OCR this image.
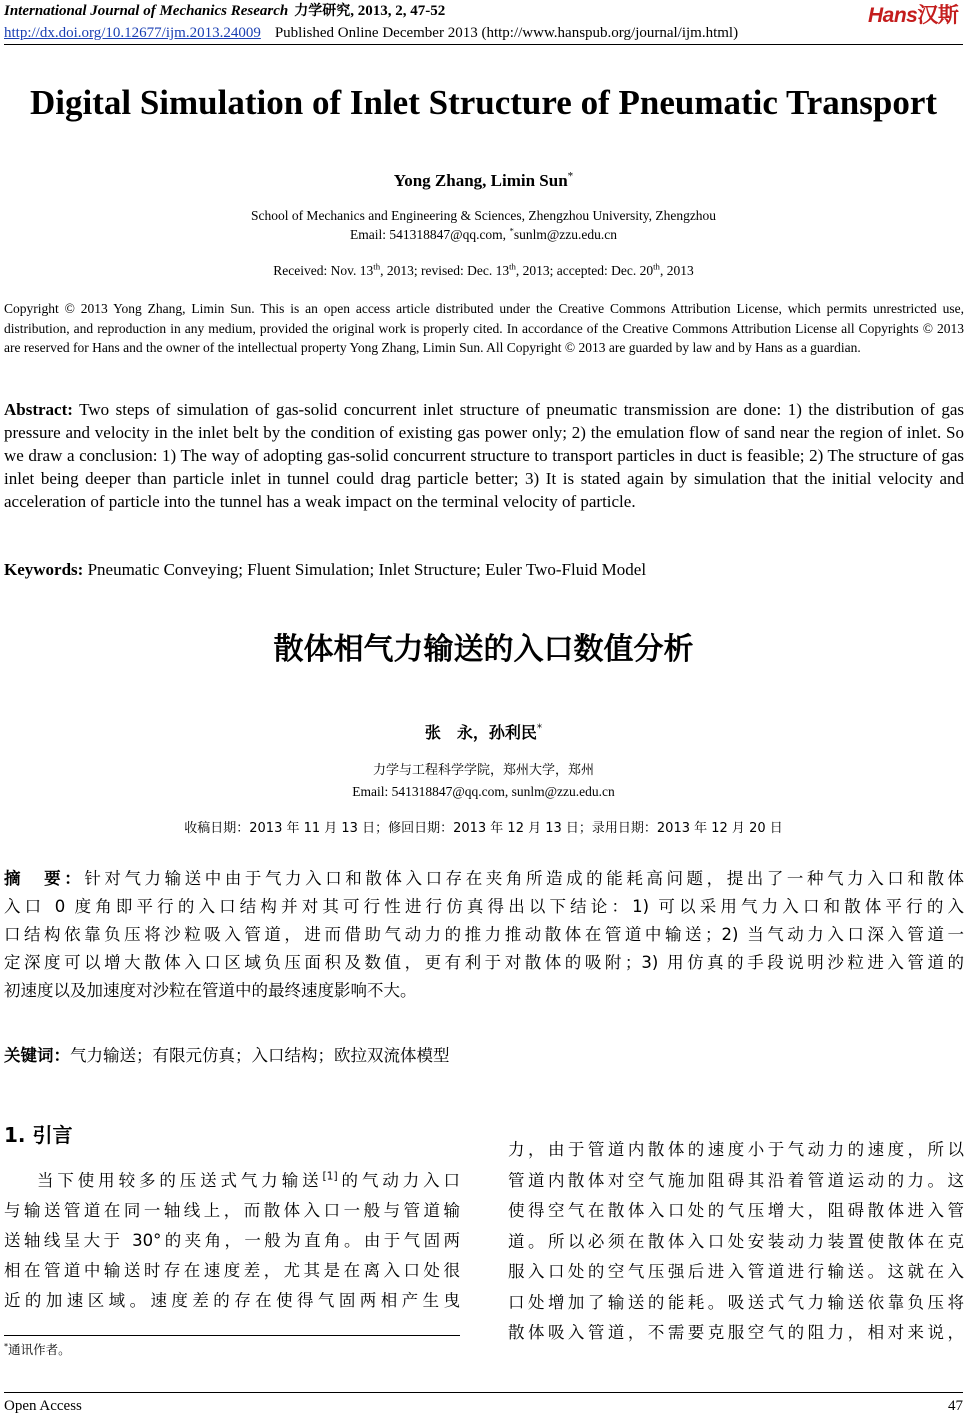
International Journal of Mechanics Research 力学研究, 2013, 2, 47-52	Hans汉斯
http://dx.doi.org/10.12677/ijm.2013.24009 Published Online December 2013 (http://www.hanspub.org/journal/ijm.html)
Digital Simulation of Inlet Structure of Pneumatic Transport
Yong Zhang, Limin Sun*
School of Mechanics and Engineering & Sciences, Zhengzhou University, Zhengzhou
Email: 541318847@qq.com, *sunlm@zzu.edu.cn
Received: Nov. 13th, 2013; revised: Dec. 13th, 2013; accepted: Dec. 20th, 2013
Copyright © 2013 Yong Zhang, Limin Sun. This is an open access article distributed under the Creative Commons Attribution License, which permits unrestricted use, distribution, and reproduction in any medium, provided the original work is properly cited. In accordance of the Creative Commons Attribution License all Copyrights © 2013 are reserved for Hans and the owner of the intellectual property Yong Zhang, Limin Sun. All Copyright © 2013 are guarded by law and by Hans as a guardian.
Abstract: Two steps of simulation of gas-solid concurrent inlet structure of pneumatic transmission are done: 1) the distribution of gas pressure and velocity in the inlet belt by the condition of existing gas power only; 2) the emulation flow of sand near the region of inlet. So we draw a conclusion: 1) The way of adopting gas-solid concurrent structure to transport particles in duct is feasible; 2) The structure of gas inlet being deeper than particle inlet in tunnel could drag particle better; 3) It is stated again by simulation that the initial velocity and acceleration of particle into the tunnel has a weak impact on the terminal velocity of particle.
Keywords: Pneumatic Conveying; Fluent Simulation; Inlet Structure; Euler Two-Fluid Model
散体相气力输送的入口数值分析
张　永，孙利民*
力学与工程科学学院，郑州大学，郑州
Email: 541318847@qq.com, sunlm@zzu.edu.cn
收稿日期：2013 年 11 月 13 日；修回日期：2013 年 12 月 13 日；录用日期：2013 年 12 月 20 日
摘　要：针对气力输送中由于气力入口和散体入口存在夹角所造成的能耗高问题，提出了一种气力入口和散体
入口 0 度角即平行的入口结构并对其可行性进行仿真得出以下结论：1) 可以采用气力入口和散体平行的入
口结构依靠负压将沙粒吸入管道，进而借助气动力的推力推动散体在管道中输送；2) 当气动力入口深入管道一
定深度可以增大散体入口区域负压面积及数值，更有利于对散体的吸附；3) 用仿真的手段说明沙粒进入管道的
初速度以及加速度对沙粒在管道中的最终速度影响不大。
关键词：气力输送；有限元仿真；入口结构；欧拉双流体模型
1. 引言
当下使用较多的压送式气力输送[1]的气动力入口
与输送管道在同一轴线上，而散体入口一般与管道输
送轴线呈大于 30°的夹角，一般为直角。由于气固两
相在管道中输送时存在速度差，尤其是在离入口处很
近的加速区域。速度差的存在使得气固两相产生曳
力，由于管道内散体的速度小于气动力的速度，所以
管道内散体对空气施加阻碍其沿着管道运动的力。这
使得空气在散体入口处的气压增大，阻碍散体进入管
道。所以必须在散体入口处安装动力装置使散体在克
服入口处的空气压强后进入管道进行输送。这就在入
口处增加了输送的能耗。吸送式气力输送依靠负压将
散体吸入管道，不需要克服空气的阻力，相对来说，
*通讯作者。
Open Access	47
